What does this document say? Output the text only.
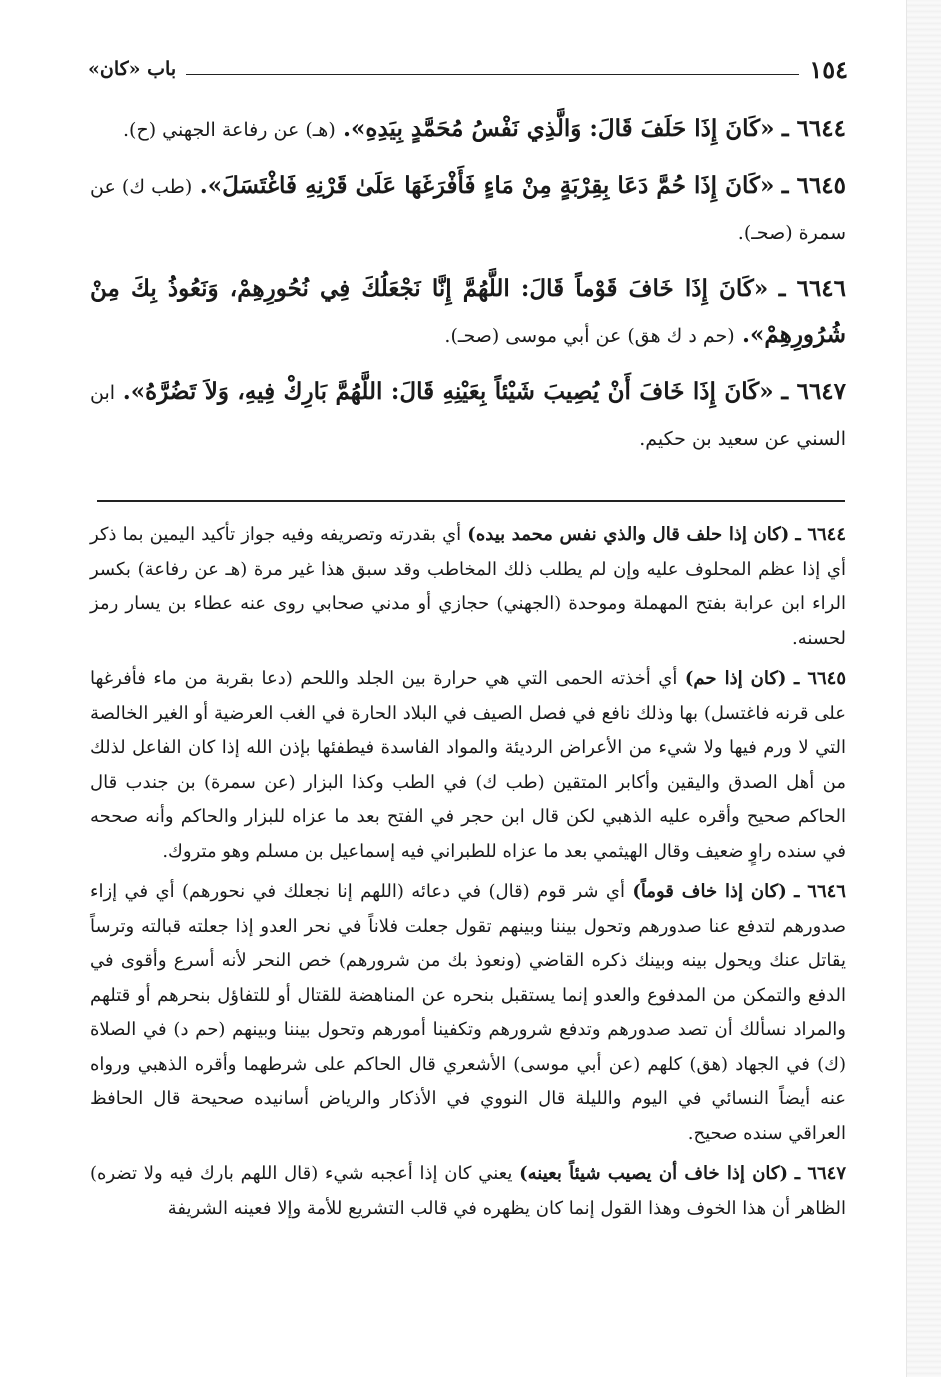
١٥٤
باب «كان»

٦٦٤٤ ـ «كَانَ إِذَا حَلَفَ قَالَ: وَالَّذِي نَفْسُ مُحَمَّدٍ بِيَدِهِ». (هـ) عن رفاعة الجهني (ح).

٦٦٤٥ ـ «كَانَ إِذَا حُمَّ دَعَا بِقِرْبَةٍ مِنْ مَاءٍ فَأَفْرَغَهَا عَلَىٰ قَرْنِهِ فَاغْتَسَلَ». (طب ك) عن سمرة (صحـ).

٦٦٤٦ ـ «كَانَ إِذَا خَافَ قَوْماً قَالَ: اللَّهُمَّ إِنَّا نَجْعَلُكَ فِي نُحُورِهِمْ، وَنَعُوذُ بِكَ مِنْ شُرُورِهِمْ». (حم د ك هق) عن أبي موسى (صحـ).

٦٦٤٧ ـ «كَانَ إِذَا خَافَ أَنْ يُصِيبَ شَيْئاً بِعَيْنِهِ قَالَ: اللَّهُمَّ بَارِكْ فِيهِ، وَلاَ تَضُرَّهُ». ابن السني عن سعيد بن حكيم.

٦٦٤٤ ـ (كان إذا حلف قال والذي نفس محمد بيده) أي بقدرته وتصريفه وفيه جواز تأكيد اليمين بما ذكر أي إذا عظم المحلوف عليه وإن لم يطلب ذلك المخاطب وقد سبق هذا غير مرة (هـ عن رفاعة) بكسر الراء ابن عرابة بفتح المهملة وموحدة (الجهني) حجازي أو مدني صحابي روى عنه عطاء بن يسار رمز لحسنه.

٦٦٤٥ ـ (كان إذا حم) أي أخذته الحمى التي هي حرارة بين الجلد واللحم (دعا بقربة من ماء فأفرغها على قرنه فاغتسل) بها وذلك نافع في فصل الصيف في البلاد الحارة في الغب العرضية أو الغير الخالصة التي لا ورم فيها ولا شيء من الأعراض الرديئة والمواد الفاسدة فيطفئها بإذن الله إذا كان الفاعل لذلك من أهل الصدق واليقين وأكابر المتقين (طب ك) في الطب وكذا البزار (عن سمرة) بن جندب قال الحاكم صحيح وأقره عليه الذهبي لكن قال ابن حجر في الفتح بعد ما عزاه للبزار والحاكم وأنه صححه في سنده راوٍ ضعيف وقال الهيثمي بعد ما عزاه للطبراني فيه إسماعيل بن مسلم وهو متروك.

٦٦٤٦ ـ (كان إذا خاف قوماً) أي شر قوم (قال) في دعائه (اللهم إنا نجعلك في نحورهم) أي في إزاء صدورهم لتدفع عنا صدورهم وتحول بيننا وبينهم تقول جعلت فلاناً في نحر العدو إذا جعلته قبالته وترساً يقاتل عنك ويحول بينه وبينك ذكره القاضي (ونعوذ بك من شرورهم) خص النحر لأنه أسرع وأقوى في الدفع والتمكن من المدفوع والعدو إنما يستقبل بنحره عن المناهضة للقتال أو للتفاؤل بنحرهم أو قتلهم والمراد نسألك أن تصد صدورهم وتدفع شرورهم وتكفينا أمورهم وتحول بيننا وبينهم (حم د) في الصلاة (ك) في الجهاد (هق) كلهم (عن أبي موسى) الأشعري قال الحاكم على شرطهما وأقره الذهبي ورواه عنه أيضاً النسائي في اليوم والليلة قال النووي في الأذكار والرياض أسانيده صحيحة قال الحافظ العراقي سنده صحيح.

٦٦٤٧ ـ (كان إذا خاف أن يصيب شيئاً بعينه) يعني كان إذا أعجبه شيء (قال اللهم بارك فيه ولا تضره) الظاهر أن هذا الخوف وهذا القول إنما كان يظهره في قالب التشريع للأمة وإلا فعينه الشريفة
